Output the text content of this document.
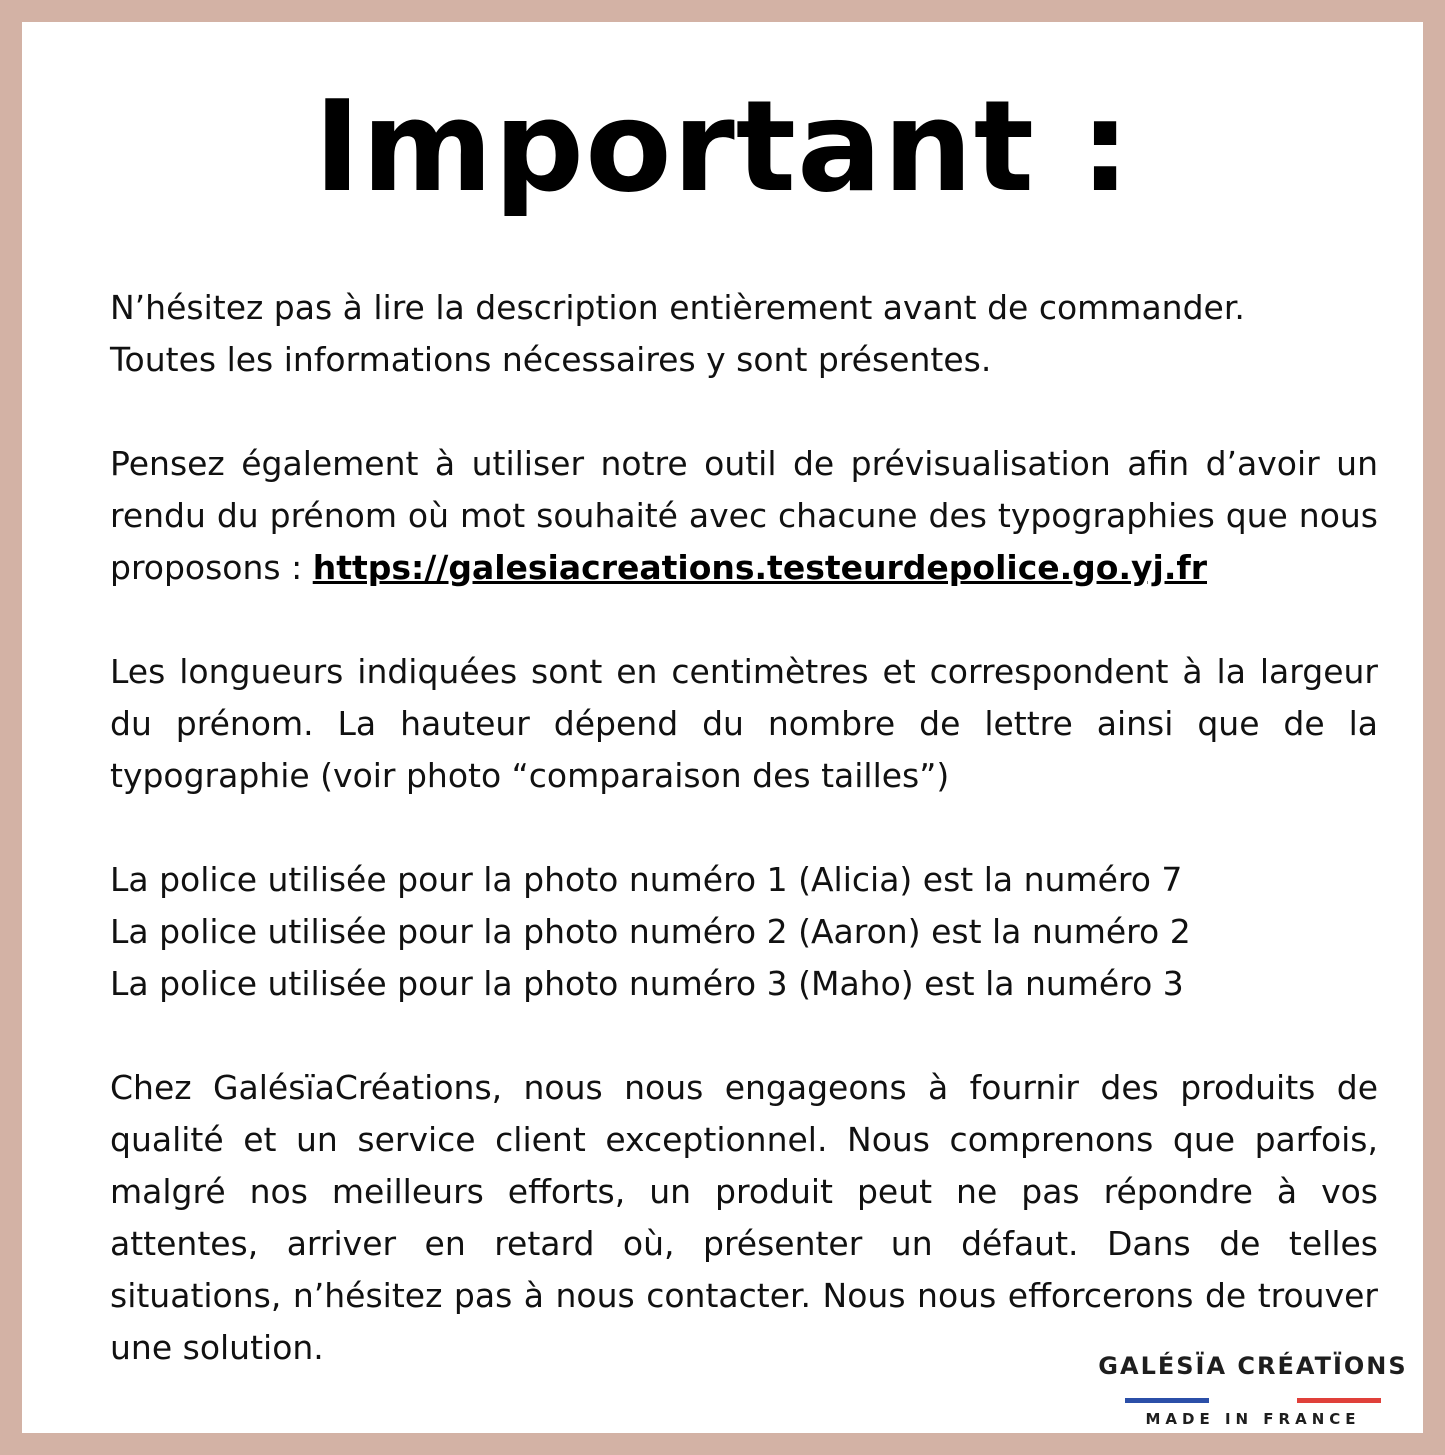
Important :

N’hésitez pas à lire la description entièrement avant de commander.
Toutes les informations nécessaires y sont présentes.

Pensez également à utiliser notre outil de prévisualisation afin d’avoir un rendu du prénom où mot souhaité avec chacune des typographies que nous proposons : https://galesiacreations.testeurdepolice.go.yj.fr

Les longueurs indiquées sont en centimètres et correspondent à la largeur du prénom. La hauteur dépend du nombre de lettre ainsi que de la typographie (voir photo “comparaison des tailles”)

La police utilisée pour la photo numéro 1 (Alicia) est la numéro 7
La police utilisée pour la photo numéro 2 (Aaron) est la numéro 2
La police utilisée pour la photo numéro 3 (Maho) est la numéro 3

Chez GalésïaCréations, nous nous engageons à fournir des produits de qualité et un service client exceptionnel. Nous comprenons que parfois, malgré nos meilleurs efforts, un produit peut ne pas répondre à vos attentes, arriver en retard où, présenter un défaut. Dans de telles situations, n’hésitez pas à nous contacter. Nous nous efforcerons de trouver une solution.	GALÉSÏA CRÉATÏONS
MADE IN FRANCE
